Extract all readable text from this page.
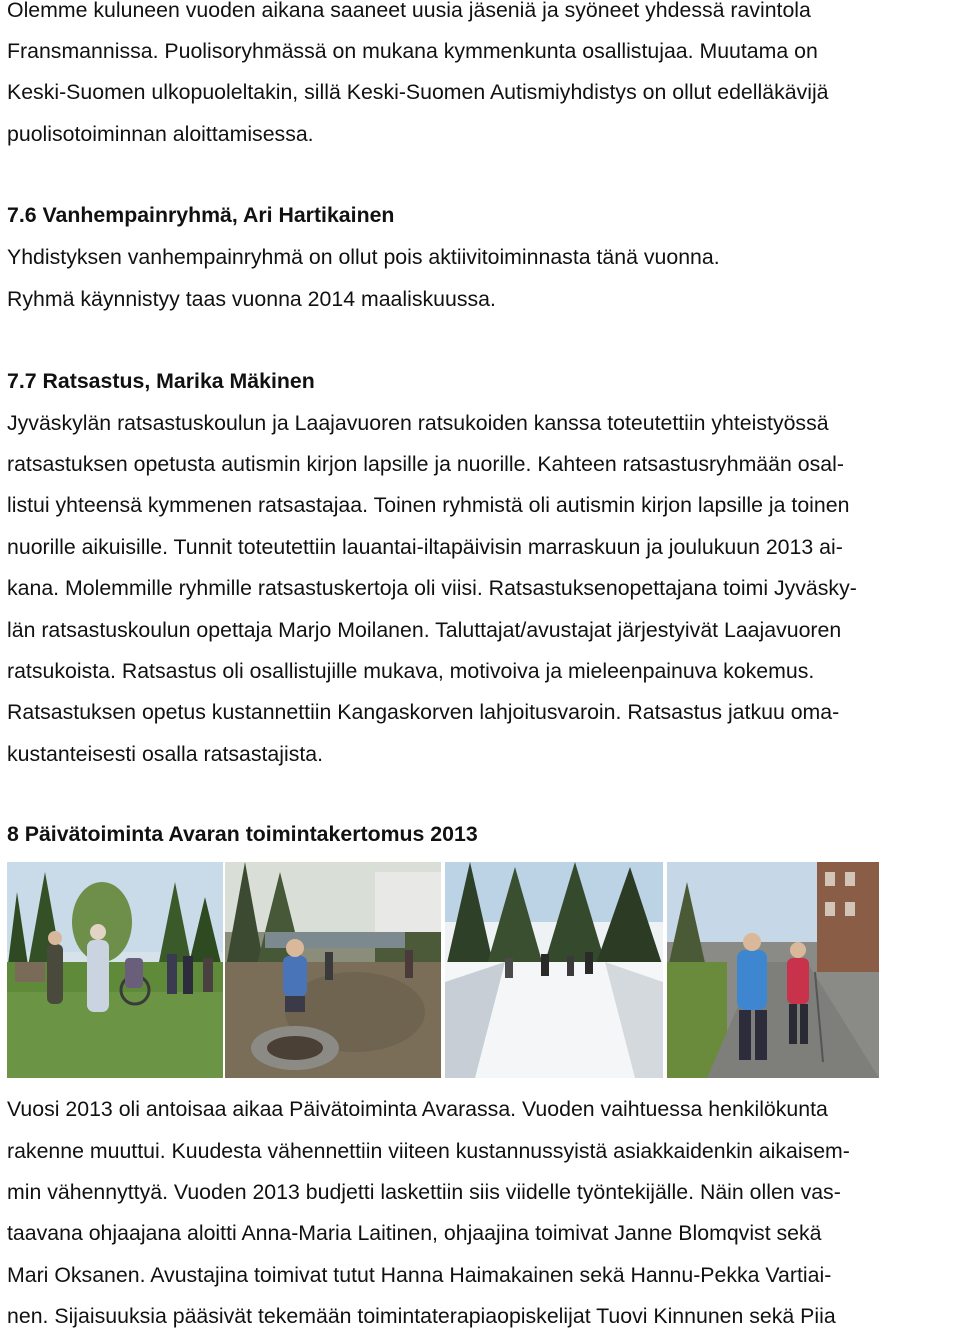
Olemme kuluneen vuoden aikana saaneet uusia jäseniä ja syöneet yhdessä ravintola
Fransmannissa. Puolisoryhmässä on mukana kymmenkunta osallistujaa. Muutama on
Keski-Suomen ulkopuoleltakin, sillä Keski-Suomen Autismiyhdistys on ollut edelläkävijä
puolisotoiminnan aloittamisessa.
7.6 Vanhempainryhmä, Ari Hartikainen
Yhdistyksen vanhempainryhmä on ollut pois aktiivitoiminnasta tänä vuonna.
Ryhmä käynnistyy taas vuonna 2014 maaliskuussa.
7.7 Ratsastus, Marika Mäkinen
Jyväskylän ratsastuskoulun ja Laajavuoren ratsukoiden kanssa toteutettiin yhteistyössä
ratsastuksen opetusta autismin kirjon lapsille ja nuorille. Kahteen ratsastusryhmään osal-
listui yhteensä kymmenen ratsastajaa. Toinen ryhmistä oli autismin kirjon lapsille ja toinen
nuorille aikuisille. Tunnit toteutettiin lauantai-iltapäivisin marraskuun ja joulukuun 2013 ai-
kana. Molemmille ryhmille ratsastuskertoja oli viisi. Ratsastuksenopettajana toimi Jyväsky-
län ratsastuskoulun opettaja Marjo Moilanen. Taluttajat/avustajat järjestyivät Laajavuoren
ratsukoista. Ratsastus oli osallistujille mukava, motivoiva ja mieleenpainuva kokemus.
Ratsastuksen opetus kustannettiin Kangaskorven lahjoitusvaroin. Ratsastus jatkuu oma-
kustanteisesti osalla ratsastajista.
8 Päivätoiminta Avaran toimintakertomus 2013
Vuosi 2013 oli antoisaa aikaa Päivätoiminta Avarassa. Vuoden vaihtuessa henkilökunta
rakenne muuttui. Kuudesta vähennettiin viiteen kustannussyistä asiakkaidenkin aikaisem-
min vähennyttyä. Vuoden 2013 budjetti laskettiin siis viidelle työntekijälle. Näin ollen vas-
taavana ohjaajana aloitti Anna-Maria Laitinen, ohjaajina toimivat Janne Blomqvist sekä
Mari Oksanen. Avustajina toimivat tutut Hanna Haimakainen sekä Hannu-Pekka Vartiai-
nen. Sijaisuuksia pääsivät tekemään toimintaterapiaopiskelijat Tuovi Kinnunen sekä Piia
